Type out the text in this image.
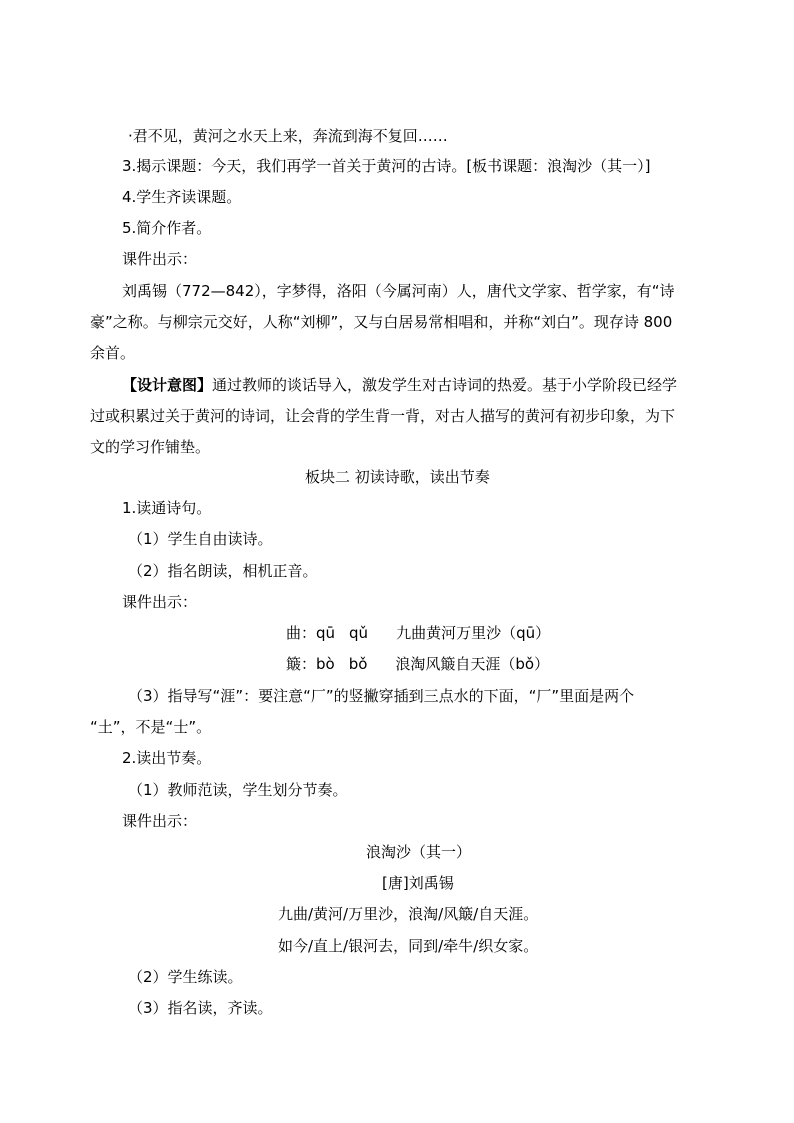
·君不见，黄河之水天上来，奔流到海不复回……
3.揭示课题：今天，我们再学一首关于黄河的古诗。[板书课题：浪淘沙（其一）]
4.学生齐读课题。
5.简介作者。
课件出示：
刘禹锡（772—842），字梦得，洛阳（今属河南）人，唐代文学家、哲学家，有“诗
豪”之称。与柳宗元交好，人称“刘柳”，又与白居易常相唱和，并称“刘白”。现存诗 800
余首。
【设计意图】通过教师的谈话导入，激发学生对古诗词的热爱。基于小学阶段已经学
过或积累过关于黄河的诗词，让会背的学生背一背，对古人描写的黄河有初步印象，为下
文的学习作铺垫。
板块二 初读诗歌，读出节奏
1.读通诗句。
（1）学生自由读诗。
（2）指名朗读，相机正音。
课件出示：
曲：qū qǔ 九曲黄河万里沙（qū）
簸：bò bǒ 浪淘风簸自天涯（bǒ）
（3）指导写“涯”：要注意“厂”的竖撇穿插到三点水的下面，“厂”里面是两个
“土”，不是“士”。
2.读出节奏。
（1）教师范读，学生划分节奏。
课件出示：
浪淘沙（其一）
[唐]刘禹锡
九曲/黄河/万里沙，浪淘/风簸/自天涯。
如今/直上/银河去，同到/牵牛/织女家。
（2）学生练读。
（3）指名读，齐读。
